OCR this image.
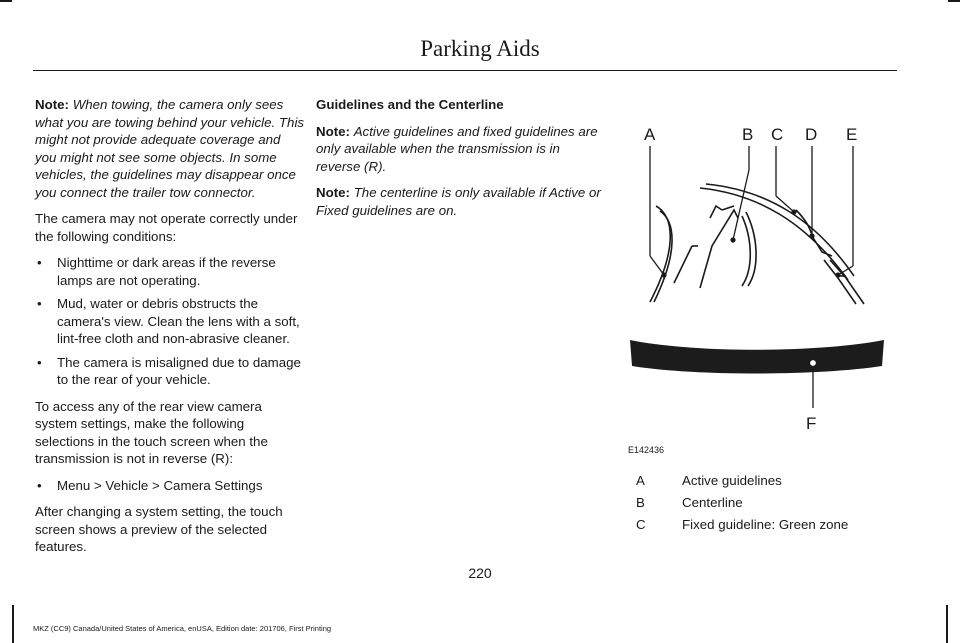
Parking Aids

Note: When towing, the camera only sees what you are towing behind your vehicle. This might not provide adequate coverage and you might not see some objects. In some vehicles, the guidelines may disappear once you connect the trailer tow connector.

The camera may not operate correctly under the following conditions:

• Nighttime or dark areas if the reverse lamps are not operating.
• Mud, water or debris obstructs the camera's view. Clean the lens with a soft, lint-free cloth and non-abrasive cleaner.
• The camera is misaligned due to damage to the rear of your vehicle.

To access any of the rear view camera system settings, make the following selections in the touch screen when the transmission is not in reverse (R):

• Menu > Vehicle > Camera Settings

After changing a system setting, the touch screen shows a preview of the selected features.

Guidelines and the Centerline

Note: Active guidelines and fixed guidelines are only available when the transmission is in reverse (R).

Note: The centerline is only available if Active or Fixed guidelines are on.

A	B C D E
F
E142436
A	Active guidelines
B	Centerline
C	Fixed guideline: Green zone
220
MKZ (CC9) Canada/United States of America, enUSA, Edition date: 201706, First Printing
